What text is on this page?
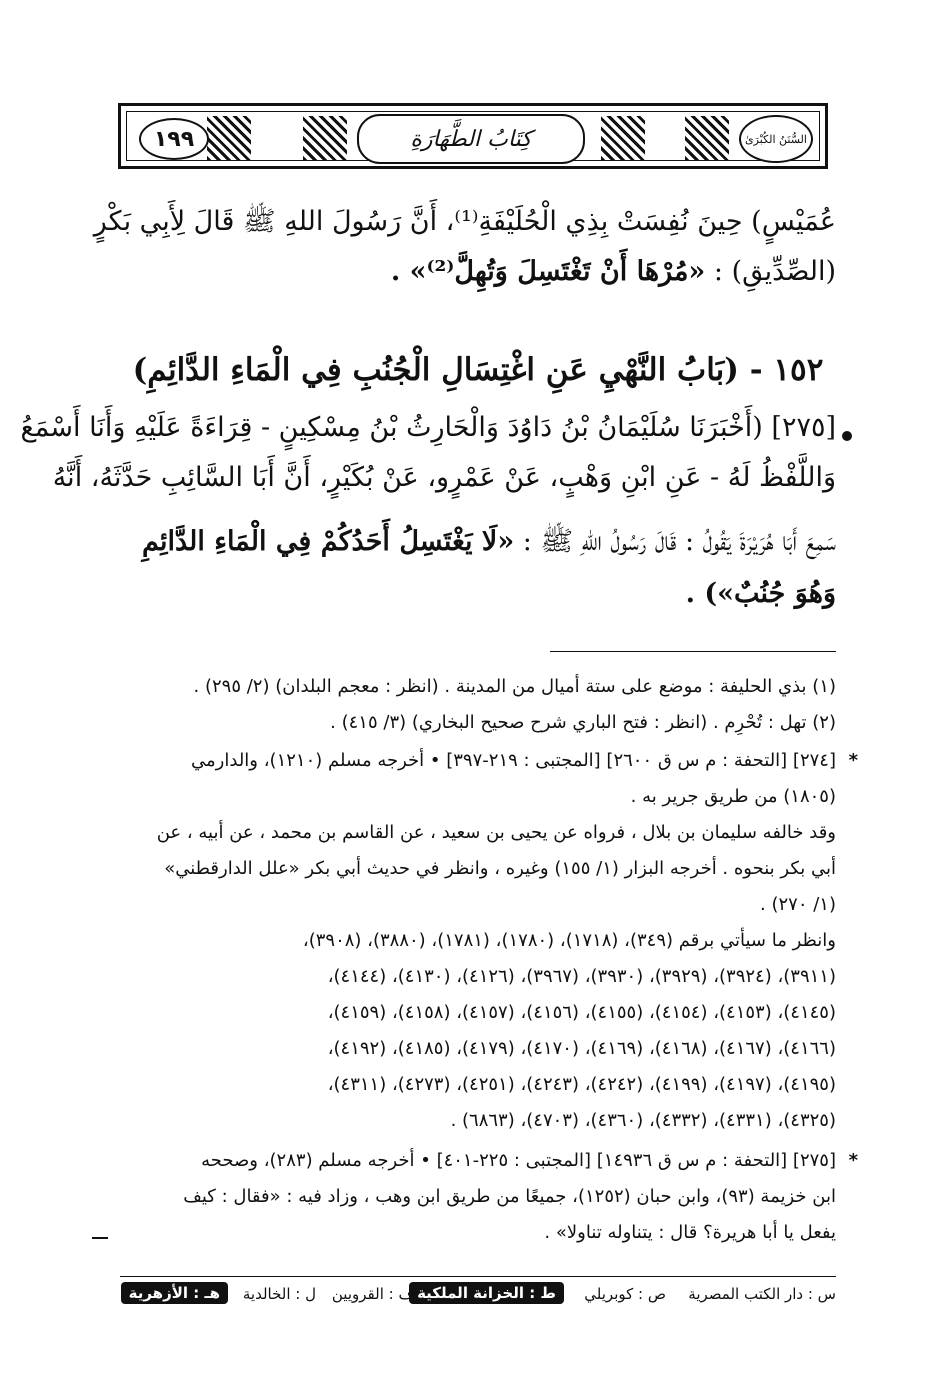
١٩٩	كِتَابُ الطَّهَارَةِ	السُّنَنُ الكُبْرَىٰ
عُمَيْسٍ) حِينَ نُفِسَتْ بِذِي الْحُلَيْفَةِ⁽¹⁾، أَنَّ رَسُولَ اللهِ ﷺ قَالَ لِأَبِي بَكْرٍ
(الصِّدِّيقِ) : «مُرْهَا أَنْ تَغْتَسِلَ وَتُهِلَّ⁽²⁾» .
١٥٢ - (بَابُ النَّهْيِ عَنِ اغْتِسَالِ الْجُنُبِ فِي الْمَاءِ الدَّائِمِ)
[٢٧٥] (أَخْبَرَنَا سُلَيْمَانُ بْنُ دَاوُدَ وَالْحَارِثُ بْنُ مِسْكِينٍ - قِرَاءَةً عَلَيْهِ وَأَنَا أَسْمَعُ
وَاللَّفْظُ لَهُ - عَنِ ابْنِ وَهْبٍ، عَنْ عَمْرٍو، عَنْ بُكَيْرٍ، أَنَّ أَبَا السَّائِبِ حَدَّثَهُ، أَنَّهُ
سَمِعَ أَبَا هُرَيْرَةَ يَقُولُ : قَالَ رَسُولُ اللهِ ﷺ : «لَا يَغْتَسِلُ أَحَدُكُمْ فِي الْمَاءِ الدَّائِمِ
وَهُوَ جُنُبٌ») .
(١) بذي الحليفة : موضع على ستة أميال من المدينة . (انظر : معجم البلدان) (٢/ ٢٩٥) .
(٢) تهل : تُحْرِم . (انظر : فتح الباري شرح صحيح البخاري) (٣/ ٤١٥) .
*
[٢٧٤] [التحفة : م س ق ٢٦٠٠] [المجتبى : ٢١٩-٣٩٧] • أخرجه مسلم (١٢١٠)، والدارمي
(١٨٠٥) من طريق جرير به .
وقد خالفه سليمان بن بلال ، فرواه عن يحيى بن سعيد ، عن القاسم بن محمد ، عن أبيه ، عن
أبي بكر بنحوه . أخرجه البزار (١/ ١٥٥) وغيره ، وانظر في حديث أبي بكر «علل الدارقطني»
(١/ ٢٧٠) .
وانظر ما سيأتي برقم (٣٤٩)، (١٧١٨)، (١٧٨٠)، (١٧٨١)، (٣٨٨٠)، (٣٩٠٨)،
(٣٩١١)، (٣٩٢٤)، (٣٩٢٩)، (٣٩٣٠)، (٣٩٦٧)، (٤١٢٦)، (٤١٣٠)، (٤١٤٤)،
(٤١٤٥)، (٤١٥٣)، (٤١٥٤)، (٤١٥٥)، (٤١٥٦)، (٤١٥٧)، (٤١٥٨)، (٤١٥٩)،
(٤١٦٦)، (٤١٦٧)، (٤١٦٨)، (٤١٦٩)، (٤١٧٠)، (٤١٧٩)، (٤١٨٥)، (٤١٩٢)،
(٤١٩٥)، (٤١٩٧)، (٤١٩٩)، (٤٢٤٢)، (٤٢٤٣)، (٤٢٥١)، (٤٢٧٣)، (٤٣١١)،
(٤٣٢٥)، (٤٣٣١)، (٤٣٣٢)، (٤٣٦٠)، (٤٧٠٣)، (٦٨٦٣) .
*
[٢٧٥] [التحفة : م س ق ١٤٩٣٦] [المجتبى : ٢٢٥-٤٠١] • أخرجه مسلم (٢٨٣)، وصححه
ابن خزيمة (٩٣)، وابن حبان (١٢٥٢)، جميعًا من طريق ابن وهب ، وزاد فيه : «فقال : كيف
يفعل يا أبا هريرة؟ قال : يتناوله تناولا» .
س : دار الكتب المصرية
ص : كوبريلي
ط : الخزانة الملكية
ف : القرويين
ل : الخالدية
هـ : الأزهرية
